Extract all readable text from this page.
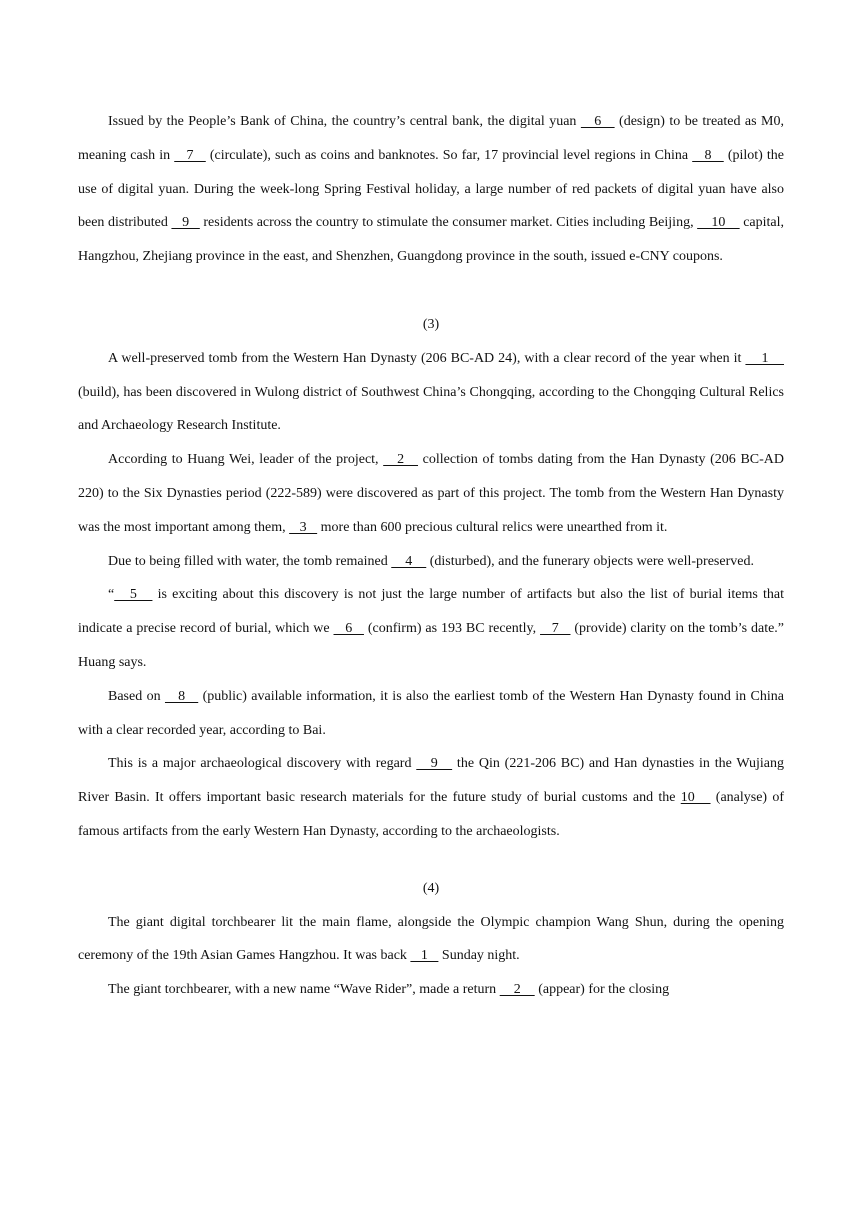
Issued by the People’s Bank of China, the country’s central bank, the digital yuan    6    (design) to be treated as M0, meaning cash in    7    (circulate), such as coins and banknotes. So far, 17 provincial level regions in China    8    (pilot) the use of digital yuan. During the week-long Spring Festival holiday, a large number of red packets of digital yuan have also been distributed    9    residents across the country to stimulate the consumer market. Cities including Beijing,     10     capital, Hangzhou, Zhejiang province in the east, and Shenzhen, Guangdong province in the south, issued e-CNY coupons.

(3)

A well-preserved tomb from the Western Han Dynasty (206 BC-AD 24), with a clear record of the year when it     1     (build), has been discovered in Wulong district of Southwest China’s Chongqing, according to the Chongqing Cultural Relics and Archaeology Research Institute.

According to Huang Wei, leader of the project,    2    collection of tombs dating from the Han Dynasty (206 BC-AD 220) to the Six Dynasties period (222-589) were discovered as part of this project. The tomb from the Western Han Dynasty was the most important among them,    3    more than 600 precious cultural relics were unearthed from it.

Due to being filled with water, the tomb remained     4     (disturbed), and the funerary objects were well-preserved.

“   5    is exciting about this discovery is not just the large number of artifacts but also the list of burial items that indicate a precise record of burial, which we    6    (confirm) as 193 BC recently,    7    (provide) clarity on the tomb’s date.” Huang says.

Based on    8    (public) available information, it is also the earliest tomb of the Western Han Dynasty found in China with a clear recorded year, according to Bai.

This is a major archaeological discovery with regard    9    the Qin (221-206 BC) and Han dynasties in the Wujiang River Basin. It offers important basic research materials for the future study of burial customs and the 10    (analyse) of famous artifacts from the early Western Han Dynasty, according to the archaeologists.

(4)

The giant digital torchbearer lit the main flame, alongside the Olympic champion Wang Shun, during the opening ceremony of the 19th Asian Games Hangzhou. It was back    1    Sunday night.

The giant torchbearer, with a new name “Wave Rider”, made a return     2     (appear) for the closing
